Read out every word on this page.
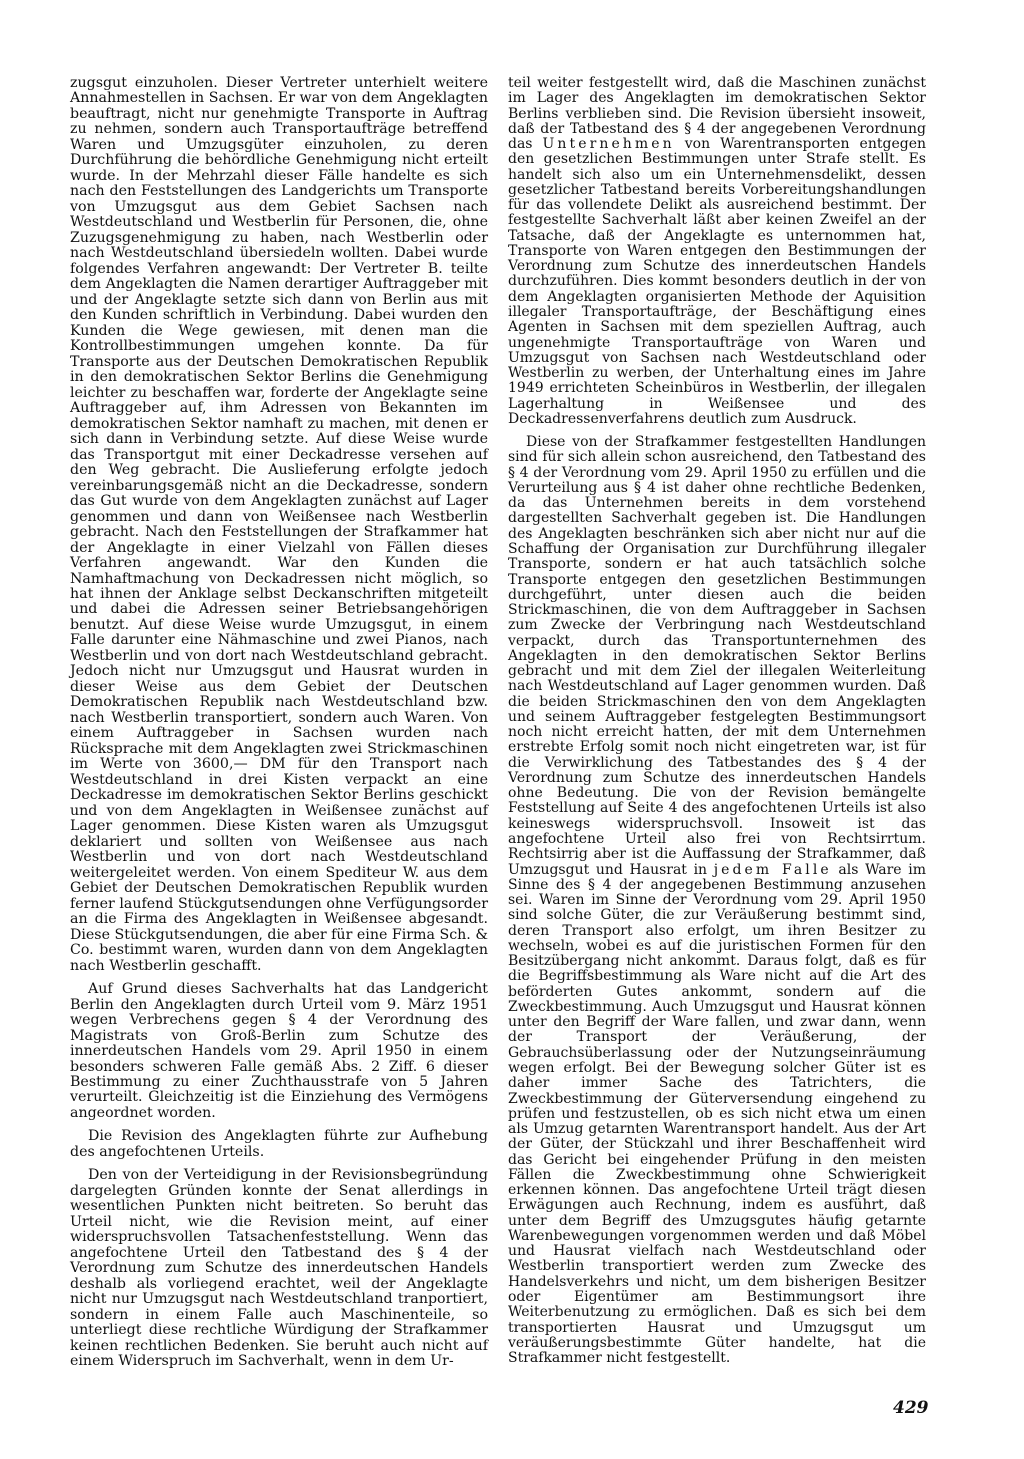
zugsgut einzuholen. Dieser Vertreter unterhielt weitere Annahmestellen in Sachsen. Er war von dem Angeklagten beauftragt, nicht nur genehmigte Transporte in Auftrag zu nehmen, sondern auch Transportaufträge betreffend Waren und Umzugsgüter einzuholen, zu deren Durchführung die behördliche Genehmigung nicht erteilt wurde. In der Mehrzahl dieser Fälle handelte es sich nach den Feststellungen des Landgerichts um Transporte von Umzugsgut aus dem Gebiet Sachsen nach Westdeutschland und Westberlin für Personen, die, ohne Zuzugsgenehmigung zu haben, nach Westberlin oder nach Westdeutschland übersiedeln wollten. Dabei wurde folgendes Verfahren angewandt: Der Vertreter B. teilte dem Angeklagten die Namen derartiger Auftraggeber mit und der Angeklagte setzte sich dann von Berlin aus mit den Kunden schriftlich in Verbindung. Dabei wurden den Kunden die Wege gewiesen, mit denen man die Kontrollbestimmungen umgehen konnte. Da für Transporte aus der Deutschen Demokratischen Republik in den demokratischen Sektor Berlins die Genehmigung leichter zu beschaffen war, forderte der Angeklagte seine Auftraggeber auf, ihm Adressen von Bekannten im demokratischen Sektor namhaft zu machen, mit denen er sich dann in Verbindung setzte. Auf diese Weise wurde das Transportgut mit einer Deckadresse versehen auf den Weg gebracht. Die Auslieferung erfolgte jedoch vereinbarungsgemäß nicht an die Deckadresse, sondern das Gut wurde von dem Angeklagten zunächst auf Lager genommen und dann von Weißensee nach Westberlin gebracht. Nach den Feststellungen der Strafkammer hat der Angeklagte in einer Vielzahl von Fällen dieses Verfahren angewandt. War den Kunden die Namhaftmachung von Deckadressen nicht möglich, so hat ihnen der Anklage selbst Deckanschriften mitgeteilt und dabei die Adressen seiner Betriebsangehörigen benutzt. Auf diese Weise wurde Umzugsgut, in einem Falle darunter eine Nähmaschine und zwei Pianos, nach Westberlin und von dort nach Westdeutschland gebracht. Jedoch nicht nur Umzugsgut und Hausrat wurden in dieser Weise aus dem Gebiet der Deutschen Demokratischen Republik nach Westdeutschland bzw. nach Westberlin transportiert, sondern auch Waren. Von einem Auftraggeber in Sachsen wurden nach Rücksprache mit dem Angeklagten zwei Strickmaschinen im Werte von 3600,— DM für den Transport nach Westdeutschland in drei Kisten verpackt an eine Deckadresse im demokratischen Sektor Berlins geschickt und von dem Angeklagten in Weißensee zunächst auf Lager genommen. Diese Kisten waren als Umzugsgut deklariert und sollten von Weißensee aus nach Westberlin und von dort nach Westdeutschland weitergeleitet werden. Von einem Spediteur W. aus dem Gebiet der Deutschen Demokratischen Republik wurden ferner laufend Stückgutsendungen ohne Verfügungsorder an die Firma des Angeklagten in Weißensee abgesandt. Diese Stückgutsendungen, die aber für eine Firma Sch. & Co. bestimmt waren, wurden dann von dem Angeklagten nach Westberlin geschafft.

Auf Grund dieses Sachverhalts hat das Landgericht Berlin den Angeklagten durch Urteil vom 9. März 1951 wegen Verbrechens gegen § 4 der Verordnung des Magistrats von Groß-Berlin zum Schutze des innerdeutschen Handels vom 29. April 1950 in einem besonders schweren Falle gemäß Abs. 2 Ziff. 6 dieser Bestimmung zu einer Zuchthausstrafe von 5 Jahren verurteilt. Gleichzeitig ist die Einziehung des Vermögens angeordnet worden.

Die Revision des Angeklagten führte zur Aufhebung des angefochtenen Urteils.

Den von der Verteidigung in der Revisionsbegründung dargelegten Gründen konnte der Senat allerdings in wesentlichen Punkten nicht beitreten. So beruht das Urteil nicht, wie die Revision meint, auf einer widerspruchsvollen Tatsachenfeststellung. Wenn das angefochtene Urteil den Tatbestand des § 4 der Verordnung zum Schutze des innerdeutschen Handels deshalb als vorliegend erachtet, weil der Angeklagte nicht nur Umzugsgut nach Westdeutschland tranportiert, sondern in einem Falle auch Maschinenteile, so unterliegt diese rechtliche Würdigung der Strafkammer keinen rechtlichen Bedenken. Sie beruht auch nicht auf einem Widerspruch im Sachverhalt, wenn in dem Ur-

teil weiter festgestellt wird, daß die Maschinen zunächst im Lager des Angeklagten im demokratischen Sektor Berlins verblieben sind. Die Revision übersieht insoweit, daß der Tatbestand des § 4 der angegebenen Verordnung das Unternehmen von Warentransporten entgegen den gesetzlichen Bestimmungen unter Strafe stellt. Es handelt sich also um ein Unternehmensdelikt, dessen gesetzlicher Tatbestand bereits Vorbereitungshandlungen für das vollendete Delikt als ausreichend bestimmt. Der festgestellte Sachverhalt läßt aber keinen Zweifel an der Tatsache, daß der Angeklagte es unternommen hat, Transporte von Waren entgegen den Bestimmungen der Verordnung zum Schutze des innerdeutschen Handels durchzuführen. Dies kommt besonders deutlich in der von dem Angeklagten organisierten Methode der Aquisition illegaler Transportaufträge, der Beschäftigung eines Agenten in Sachsen mit dem speziellen Auftrag, auch ungenehmigte Transportaufträge von Waren und Umzugsgut von Sachsen nach Westdeutschland oder Westberlin zu werben, der Unterhaltung eines im Jahre 1949 errichteten Scheinbüros in Westberlin, der illegalen Lagerhaltung in Weißensee und des Deckadressenverfahrens deutlich zum Ausdruck.

Diese von der Strafkammer festgestellten Handlungen sind für sich allein schon ausreichend, den Tatbestand des § 4 der Verordnung vom 29. April 1950 zu erfüllen und die Verurteilung aus § 4 ist daher ohne rechtliche Bedenken, da das Unternehmen bereits in dem vorstehend dargestellten Sachverhalt gegeben ist. Die Handlungen des Angeklagten beschränken sich aber nicht nur auf die Schaffung der Organisation zur Durchführung illegaler Transporte, sondern er hat auch tatsächlich solche Transporte entgegen den gesetzlichen Bestimmungen durchgeführt, unter diesen auch die beiden Strickmaschinen, die von dem Auftraggeber in Sachsen zum Zwecke der Verbringung nach Westdeutschland verpackt, durch das Transportunternehmen des Angeklagten in den demokratischen Sektor Berlins gebracht und mit dem Ziel der illegalen Weiterleitung nach Westdeutschland auf Lager genommen wurden. Daß die beiden Strickmaschinen den von dem Angeklagten und seinem Auftraggeber festgelegten Bestimmungsort noch nicht erreicht hatten, der mit dem Unternehmen erstrebte Erfolg somit noch nicht eingetreten war, ist für die Verwirklichung des Tatbestandes des § 4 der Verordnung zum Schutze des innerdeutschen Handels ohne Bedeutung. Die von der Revision bemängelte Feststellung auf Seite 4 des angefochtenen Urteils ist also keineswegs widerspruchsvoll. Insoweit ist das angefochtene Urteil also frei von Rechtsirrtum. Rechtsirrig aber ist die Auffassung der Strafkammer, daß Umzugsgut und Hausrat in jedem Falle als Ware im Sinne des § 4 der angegebenen Bestimmung anzusehen sei. Waren im Sinne der Verordnung vom 29. April 1950 sind solche Güter, die zur Veräußerung bestimmt sind, deren Transport also erfolgt, um ihren Besitzer zu wechseln, wobei es auf die juristischen Formen für den Besitzübergang nicht ankommt. Daraus folgt, daß es für die Begriffsbestimmung als Ware nicht auf die Art des beförderten Gutes ankommt, sondern auf die Zweckbestimmung. Auch Umzugsgut und Hausrat können unter den Begriff der Ware fallen, und zwar dann, wenn der Transport der Veräußerung, der Gebrauchsüberlassung oder der Nutzungseinräumung wegen erfolgt. Bei der Bewegung solcher Güter ist es daher immer Sache des Tatrichters, die Zweckbestimmung der Güterversendung eingehend zu prüfen und festzustellen, ob es sich nicht etwa um einen als Umzug getarnten Warentransport handelt. Aus der Art der Güter, der Stückzahl und ihrer Beschaffenheit wird das Gericht bei eingehender Prüfung in den meisten Fällen die Zweckbestimmung ohne Schwierigkeit erkennen können. Das angefochtene Urteil trägt diesen Erwägungen auch Rechnung, indem es ausführt, daß unter dem Begriff des Umzugsgutes häufig getarnte Warenbewegungen vorgenommen werden und daß Möbel und Hausrat vielfach nach Westdeutschland oder Westberlin transportiert werden zum Zwecke des Handelsverkehrs und nicht, um dem bisherigen Besitzer oder Eigentümer am Bestimmungsort ihre Weiterbenutzung zu ermöglichen. Daß es sich bei dem transportierten Hausrat und Umzugsgut um veräußerungsbestimmte Güter handelte, hat die Strafkammer nicht festgestellt.

429
